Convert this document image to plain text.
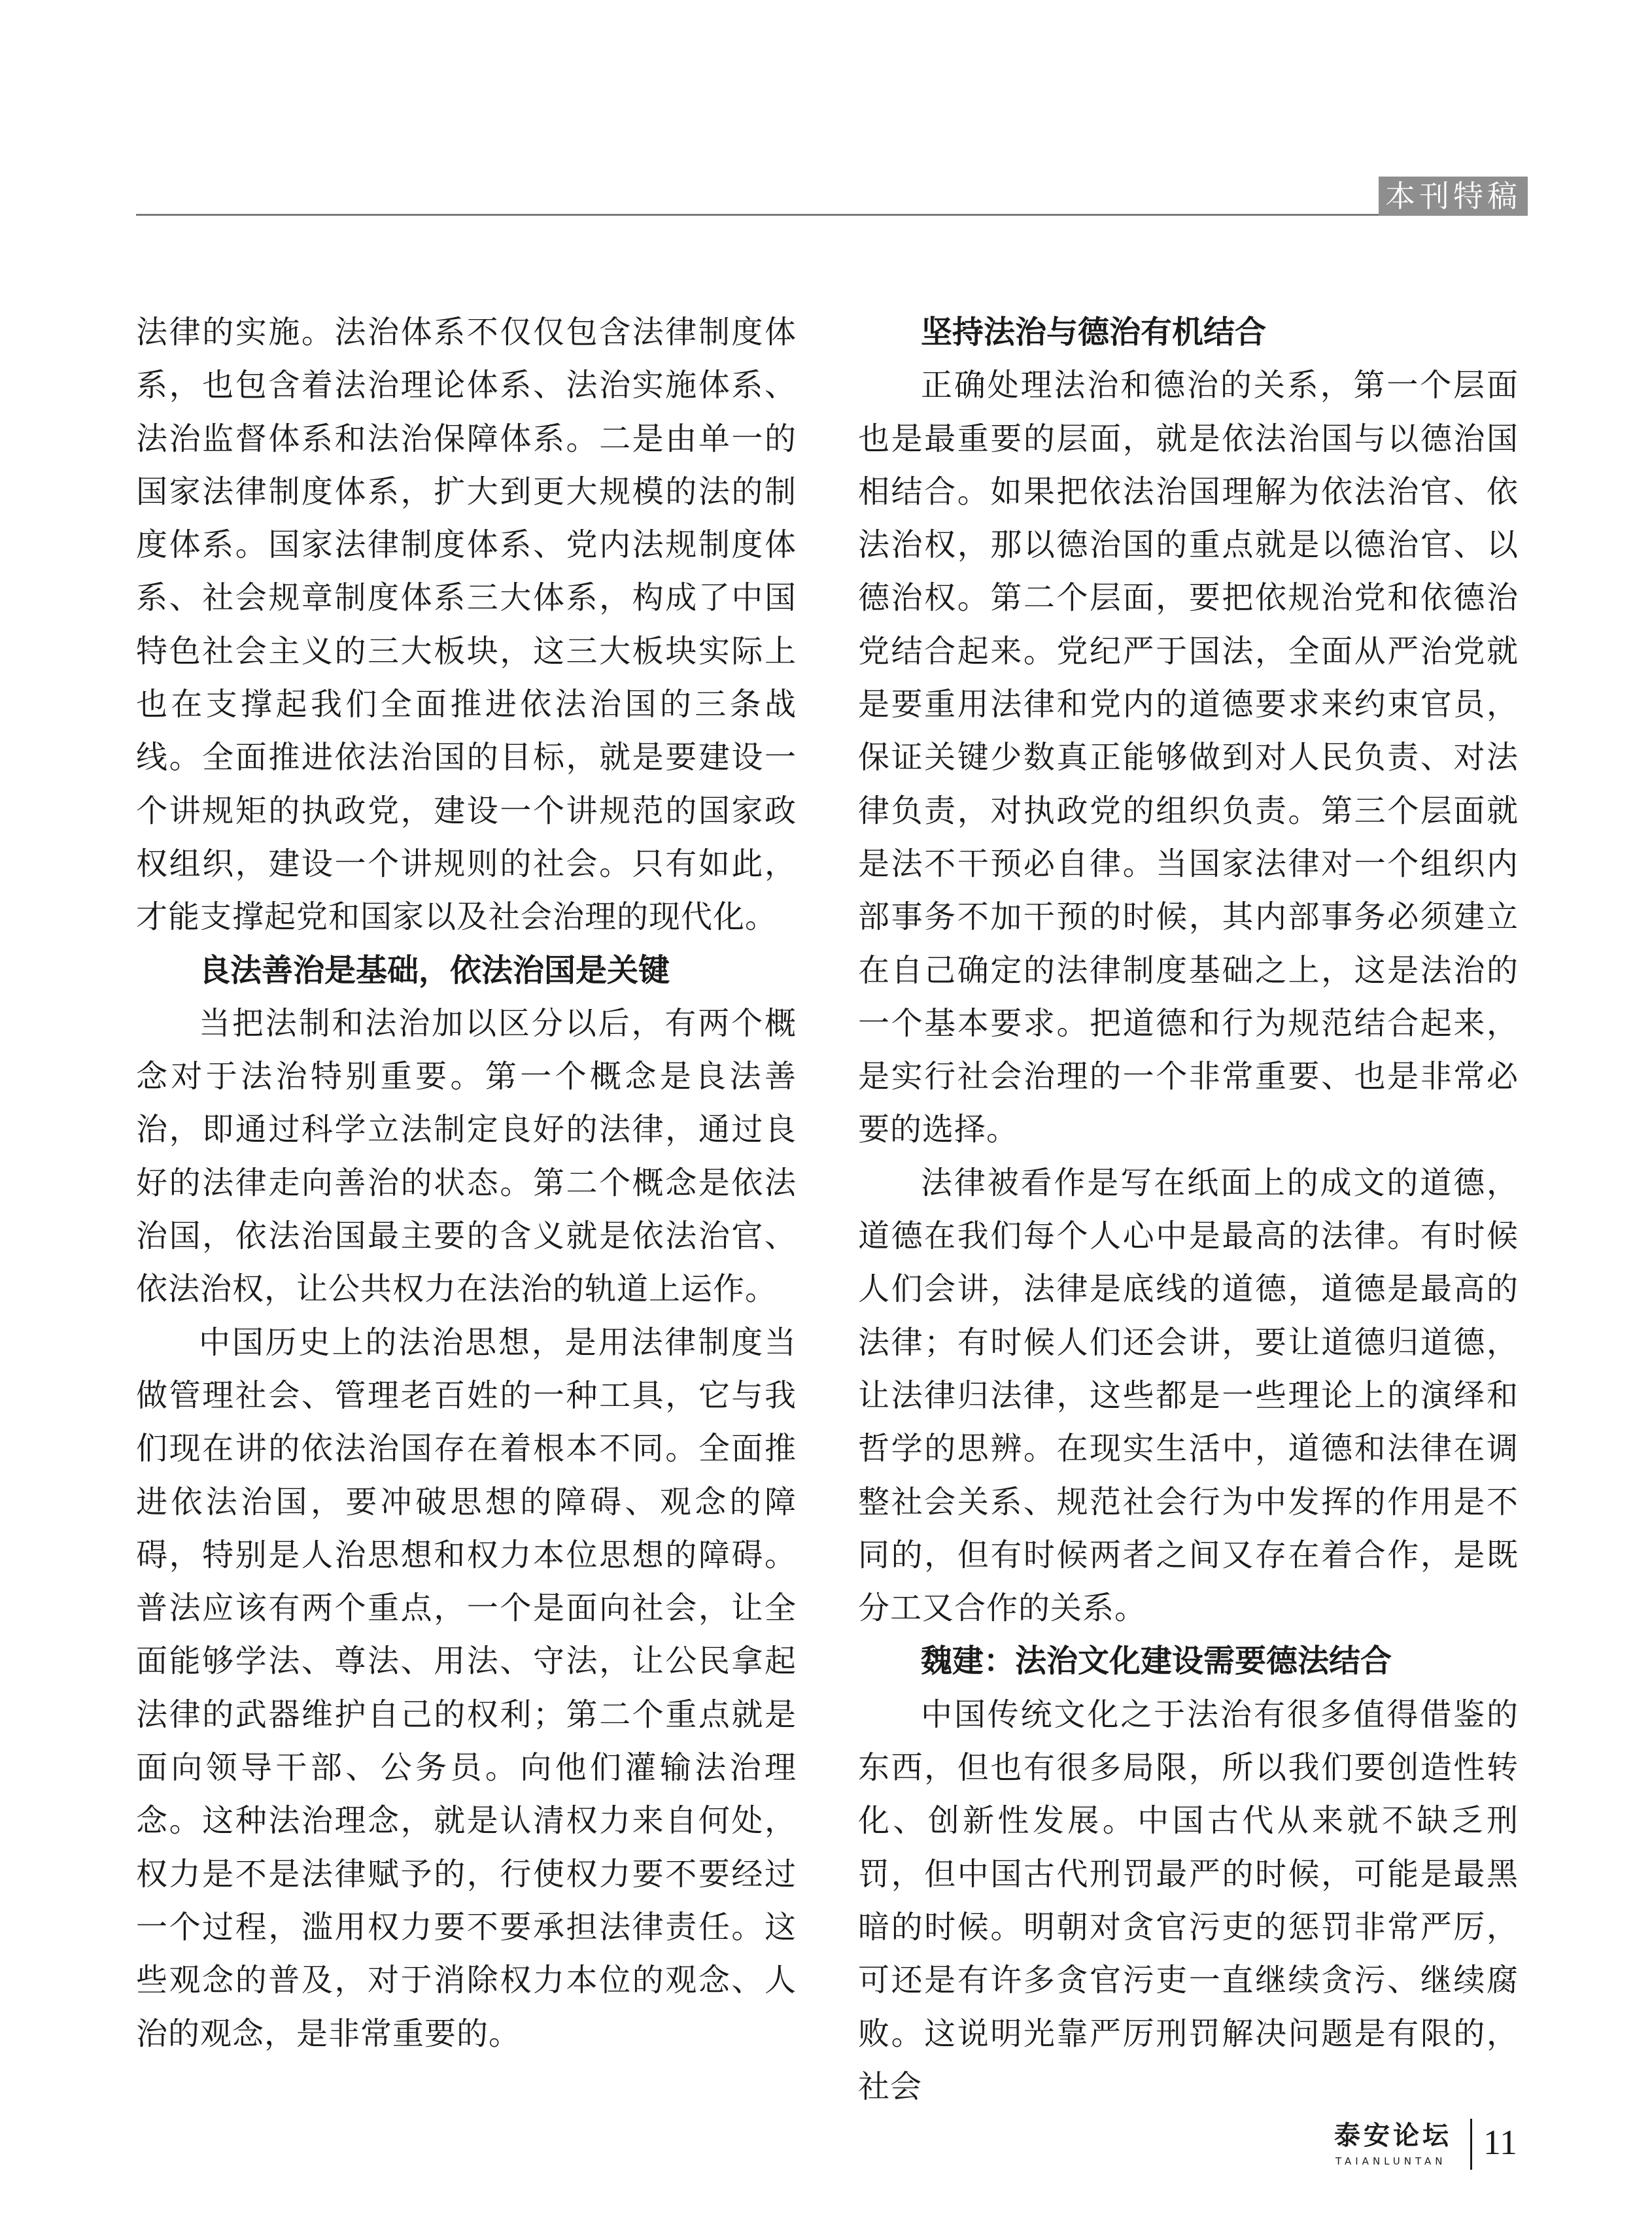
本刊特稿

法律的实施。法治体系不仅仅包含法律制度体系，也包含着法治理论体系、法治实施体系、法治监督体系和法治保障体系。二是由单一的国家法律制度体系，扩大到更大规模的法的制度体系。国家法律制度体系、党内法规制度体系、社会规章制度体系三大体系，构成了中国特色社会主义的三大板块，这三大板块实际上也在支撑起我们全面推进依法治国的三条战线。全面推进依法治国的目标，就是要建设一个讲规矩的执政党，建设一个讲规范的国家政权组织，建设一个讲规则的社会。只有如此，才能支撑起党和国家以及社会治理的现代化。

良法善治是基础，依法治国是关键

当把法制和法治加以区分以后，有两个概念对于法治特别重要。第一个概念是良法善治，即通过科学立法制定良好的法律，通过良好的法律走向善治的状态。第二个概念是依法治国，依法治国最主要的含义就是依法治官、依法治权，让公共权力在法治的轨道上运作。

中国历史上的法治思想，是用法律制度当做管理社会、管理老百姓的一种工具，它与我们现在讲的依法治国存在着根本不同。全面推进依法治国，要冲破思想的障碍、观念的障碍，特别是人治思想和权力本位思想的障碍。普法应该有两个重点，一个是面向社会，让全面能够学法、尊法、用法、守法，让公民拿起法律的武器维护自己的权利；第二个重点就是面向领导干部、公务员。向他们灌输法治理念。这种法治理念，就是认清权力来自何处，权力是不是法律赋予的，行使权力要不要经过一个过程，滥用权力要不要承担法律责任。这些观念的普及，对于消除权力本位的观念、人治的观念，是非常重要的。

坚持法治与德治有机结合

正确处理法治和德治的关系，第一个层面也是最重要的层面，就是依法治国与以德治国相结合。如果把依法治国理解为依法治官、依法治权，那以德治国的重点就是以德治官、以德治权。第二个层面，要把依规治党和依德治党结合起来。党纪严于国法，全面从严治党就是要重用法律和党内的道德要求来约束官员，保证关键少数真正能够做到对人民负责、对法律负责，对执政党的组织负责。第三个层面就是法不干预必自律。当国家法律对一个组织内部事务不加干预的时候，其内部事务必须建立在自己确定的法律制度基础之上，这是法治的一个基本要求。把道德和行为规范结合起来，是实行社会治理的一个非常重要、也是非常必要的选择。

法律被看作是写在纸面上的成文的道德，道德在我们每个人心中是最高的法律。有时候人们会讲，法律是底线的道德，道德是最高的法律；有时候人们还会讲，要让道德归道德，让法律归法律，这些都是一些理论上的演绎和哲学的思辨。在现实生活中，道德和法律在调整社会关系、规范社会行为中发挥的作用是不同的，但有时候两者之间又存在着合作，是既分工又合作的关系。

魏建：法治文化建设需要德法结合

中国传统文化之于法治有很多值得借鉴的东西，但也有很多局限，所以我们要创造性转化、创新性发展。中国古代从来就不缺乏刑罚，但中国古代刑罚最严的时候，可能是最黑暗的时候。明朝对贪官污吏的惩罚非常严厉，可还是有许多贪官污吏一直继续贪污、继续腐败。这说明光靠严厉刑罚解决问题是有限的，社会

泰安论坛
TAIANLUNTAN 11
